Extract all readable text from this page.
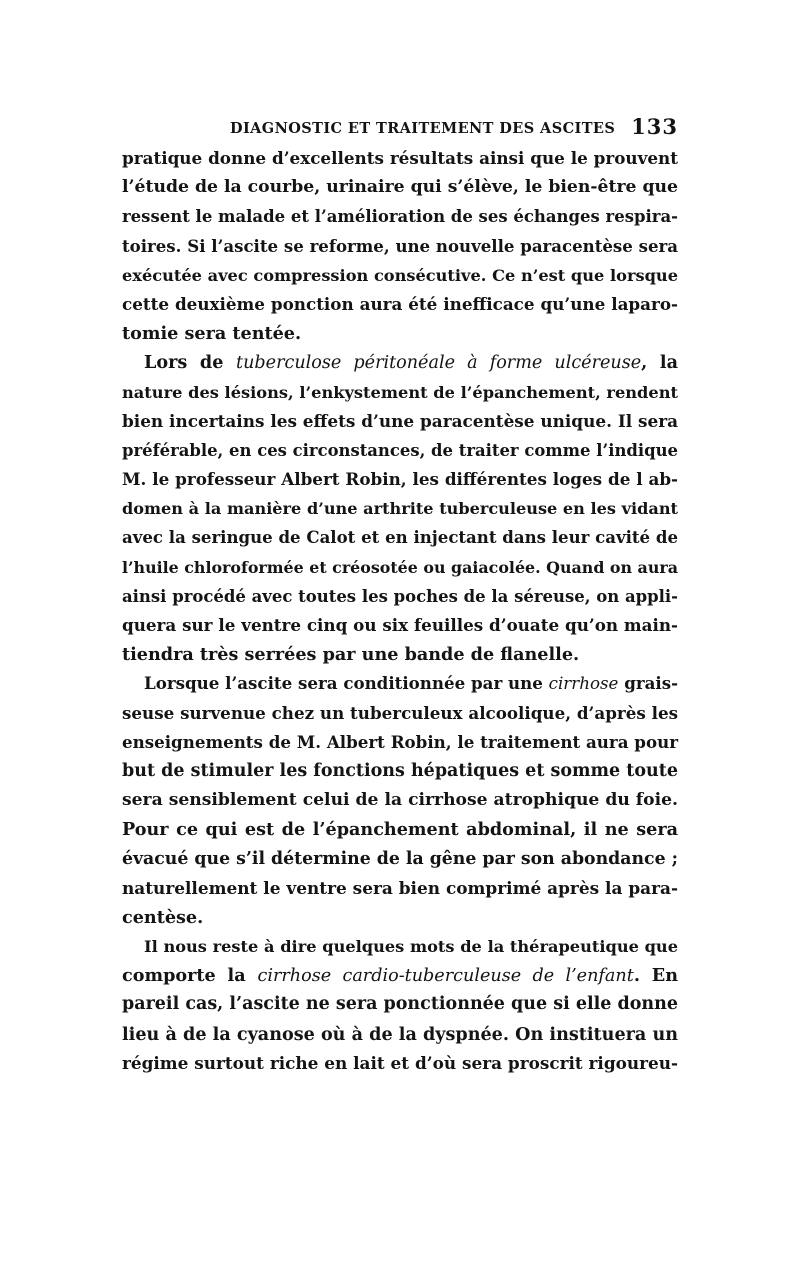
DIAGNOSTIC ET TRAITEMENT DES ASCITES 133
pratique donne d’excellents résultats ainsi que le prouvent
l’étude de la courbe, urinaire qui s’élève, le bien-être que
ressent le malade et l’amélioration de ses échanges respira-
toires. Si l’ascite se reforme, une nouvelle paracentèse sera
exécutée avec compression consécutive. Ce n’est que lorsque
cette deuxième ponction aura été inefficace qu’une laparo-
tomie sera tentée.
Lors de tuberculose péritonéale à forme ulcéreuse, la
nature des lésions, l’enkystement de l’épanchement, rendent
bien incertains les effets d’une paracentèse unique. Il sera
préférable, en ces circonstances, de traiter comme l’indique
M. le professeur Albert Robin, les différentes loges de l ab-
domen à la manière d’une arthrite tuberculeuse en les vidant
avec la seringue de Calot et en injectant dans leur cavité de
l’huile chloroformée et créosotée ou gaiacolée. Quand on aura
ainsi procédé avec toutes les poches de la séreuse, on appli-
quera sur le ventre cinq ou six feuilles d’ouate qu’on main-
tiendra très serrées par une bande de flanelle.
Lorsque l’ascite sera conditionnée par une cirrhose grais-
seuse survenue chez un tuberculeux alcoolique, d’après les
enseignements de M. Albert Robin, le traitement aura pour
but de stimuler les fonctions hépatiques et somme toute
sera sensiblement celui de la cirrhose atrophique du foie.
Pour ce qui est de l’épanchement abdominal, il ne sera
évacué que s’il détermine de la gêne par son abondance ;
naturellement le ventre sera bien comprimé après la para-
centèse.
Il nous reste à dire quelques mots de la thérapeutique que
comporte la cirrhose cardio-tuberculeuse de l’enfant. En
pareil cas, l’ascite ne sera ponctionnée que si elle donne
lieu à de la cyanose où à de la dyspnée. On instituera un
régime surtout riche en lait et d’où sera proscrit rigoureu-
